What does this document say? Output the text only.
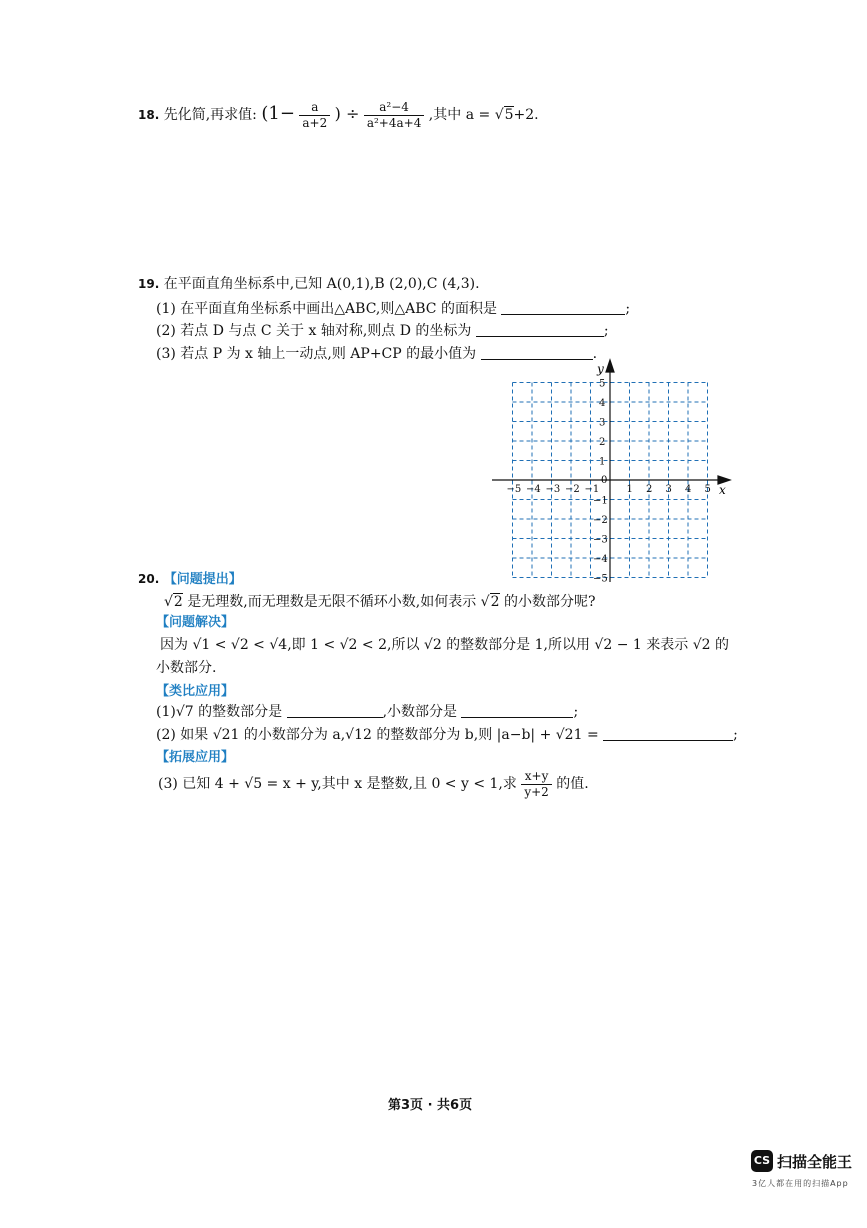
18. 先化简,再求值: ($1- \frac{a}{a+2}$ ) ÷ $\frac{\text{a²−4}}{\text{a²+4a+4}}$ ,其中 a = √5+2.
19. 在平面直角坐标系中,已知 A(0,1),B (2,0),C (4,3).
(1) 在平面直角坐标系中画出△ABC,则△ABC 的面积是	;
(2) 若点 D 与点 C 关于 x 轴对称,则点 D 的坐标为	;
(3) 若点 P 为 x 轴上一动点,则 AP+CP 的最小值为	.
−5 −4 −3 −2 −1	1 2 3 4 5
5
4
3
2
1
−1
−2
−3
−4
−5
x
y
0
20. 【问题提出】
√2 是无理数,而无理数是无限不循环小数,如何表示 √2 的小数部分呢?
【问题解决】
因为 √1 < √2 < √4,即 1 < √2 < 2,所以 √2 的整数部分是 1,所以用 √2 − 1 来表示 √2 的
小数部分.
【类比应用】
(1)√7 的整数部分是	,小数部分是	;
(2) 如果 √21 的小数部分为 a,√12 的整数部分为 b,则 |a−b| + √21 =	;
【拓展应用】
(3) 已知 4 + √5 = x + y,其中 x 是整数,且 0 < y < 1,求 $\frac{x+y}{y+2}$ 的值.
第3页 · 共6页
CS 扫描全能王
3亿人都在用的扫描App
